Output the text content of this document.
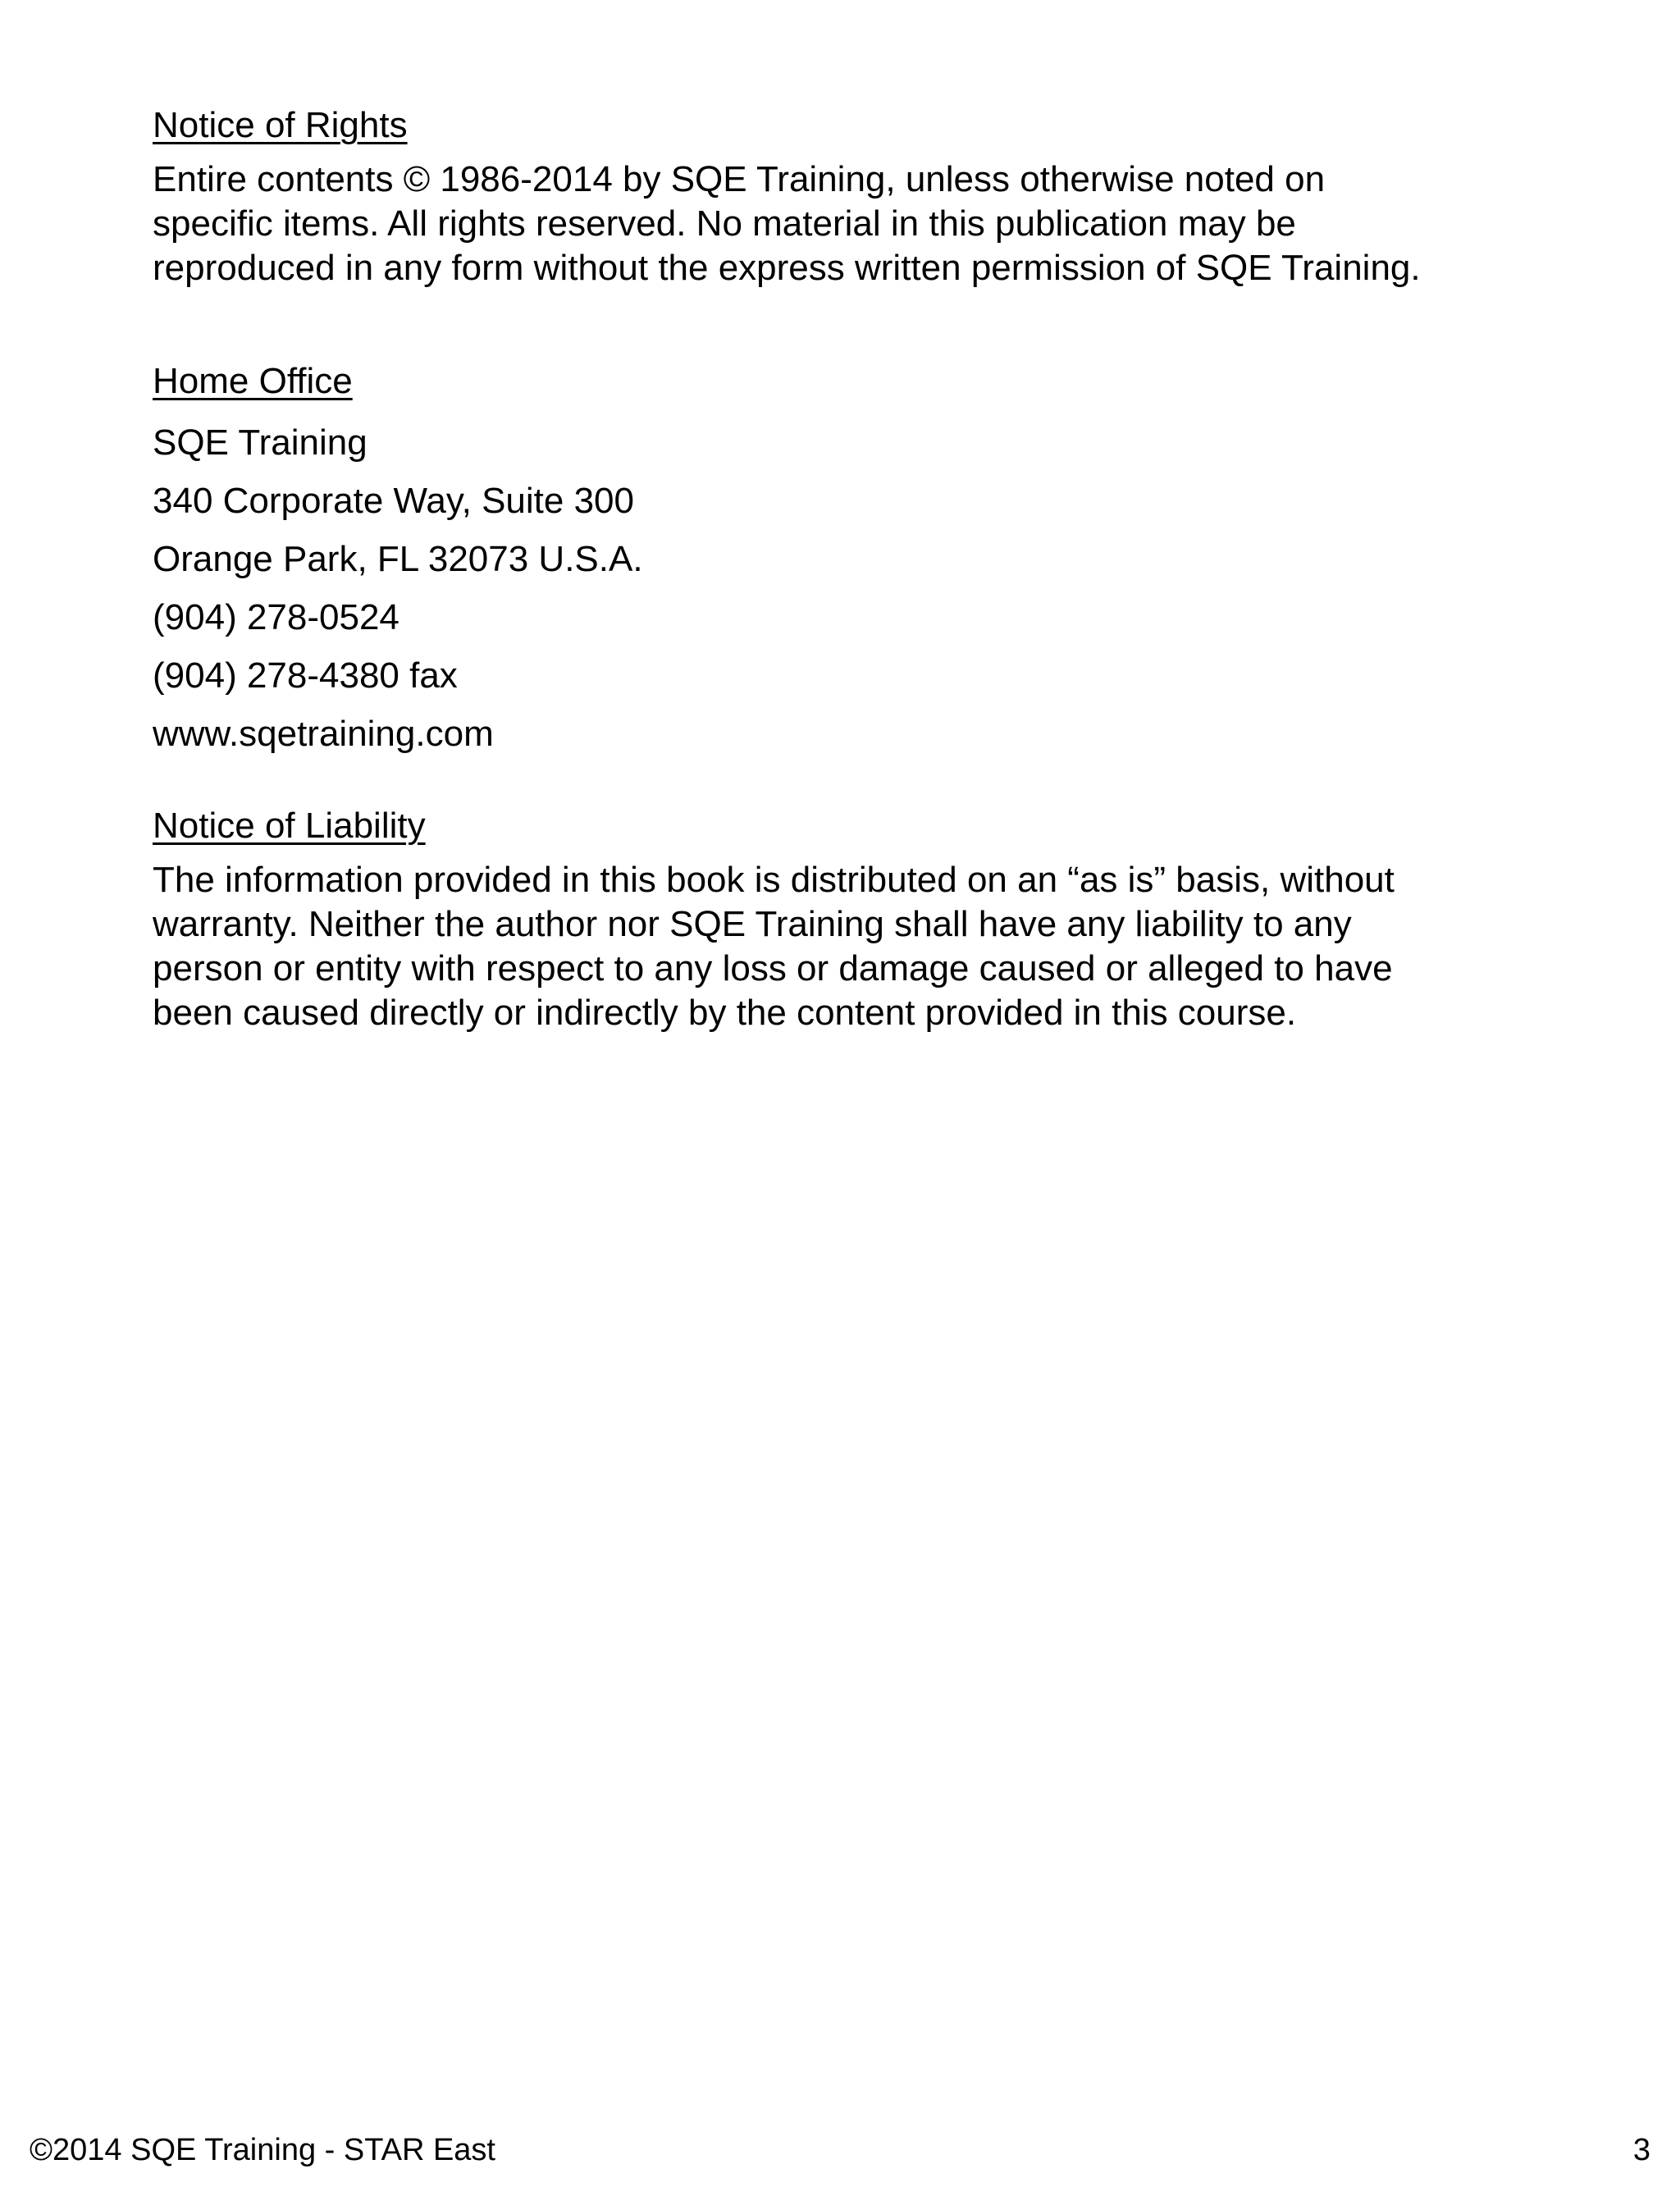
Notice of Rights
Entire contents © 1986-2014 by SQE Training, unless otherwise noted on
specific items. All rights reserved. No material in this publication may be
reproduced in any form without the express written permission of SQE Training.
Home Office
SQE Training
340 Corporate Way, Suite 300
Orange Park, FL 32073 U.S.A.
(904) 278-0524
(904) 278-4380 fax
www.sqetraining.com
Notice of Liability
The information provided in this book is distributed on an “as is” basis, without
warranty. Neither the author nor SQE Training shall have any liability to any
person or entity with respect to any loss or damage caused or alleged to have
been caused directly or indirectly by the content provided in this course.
©2014 SQE Training - STAR East	3
